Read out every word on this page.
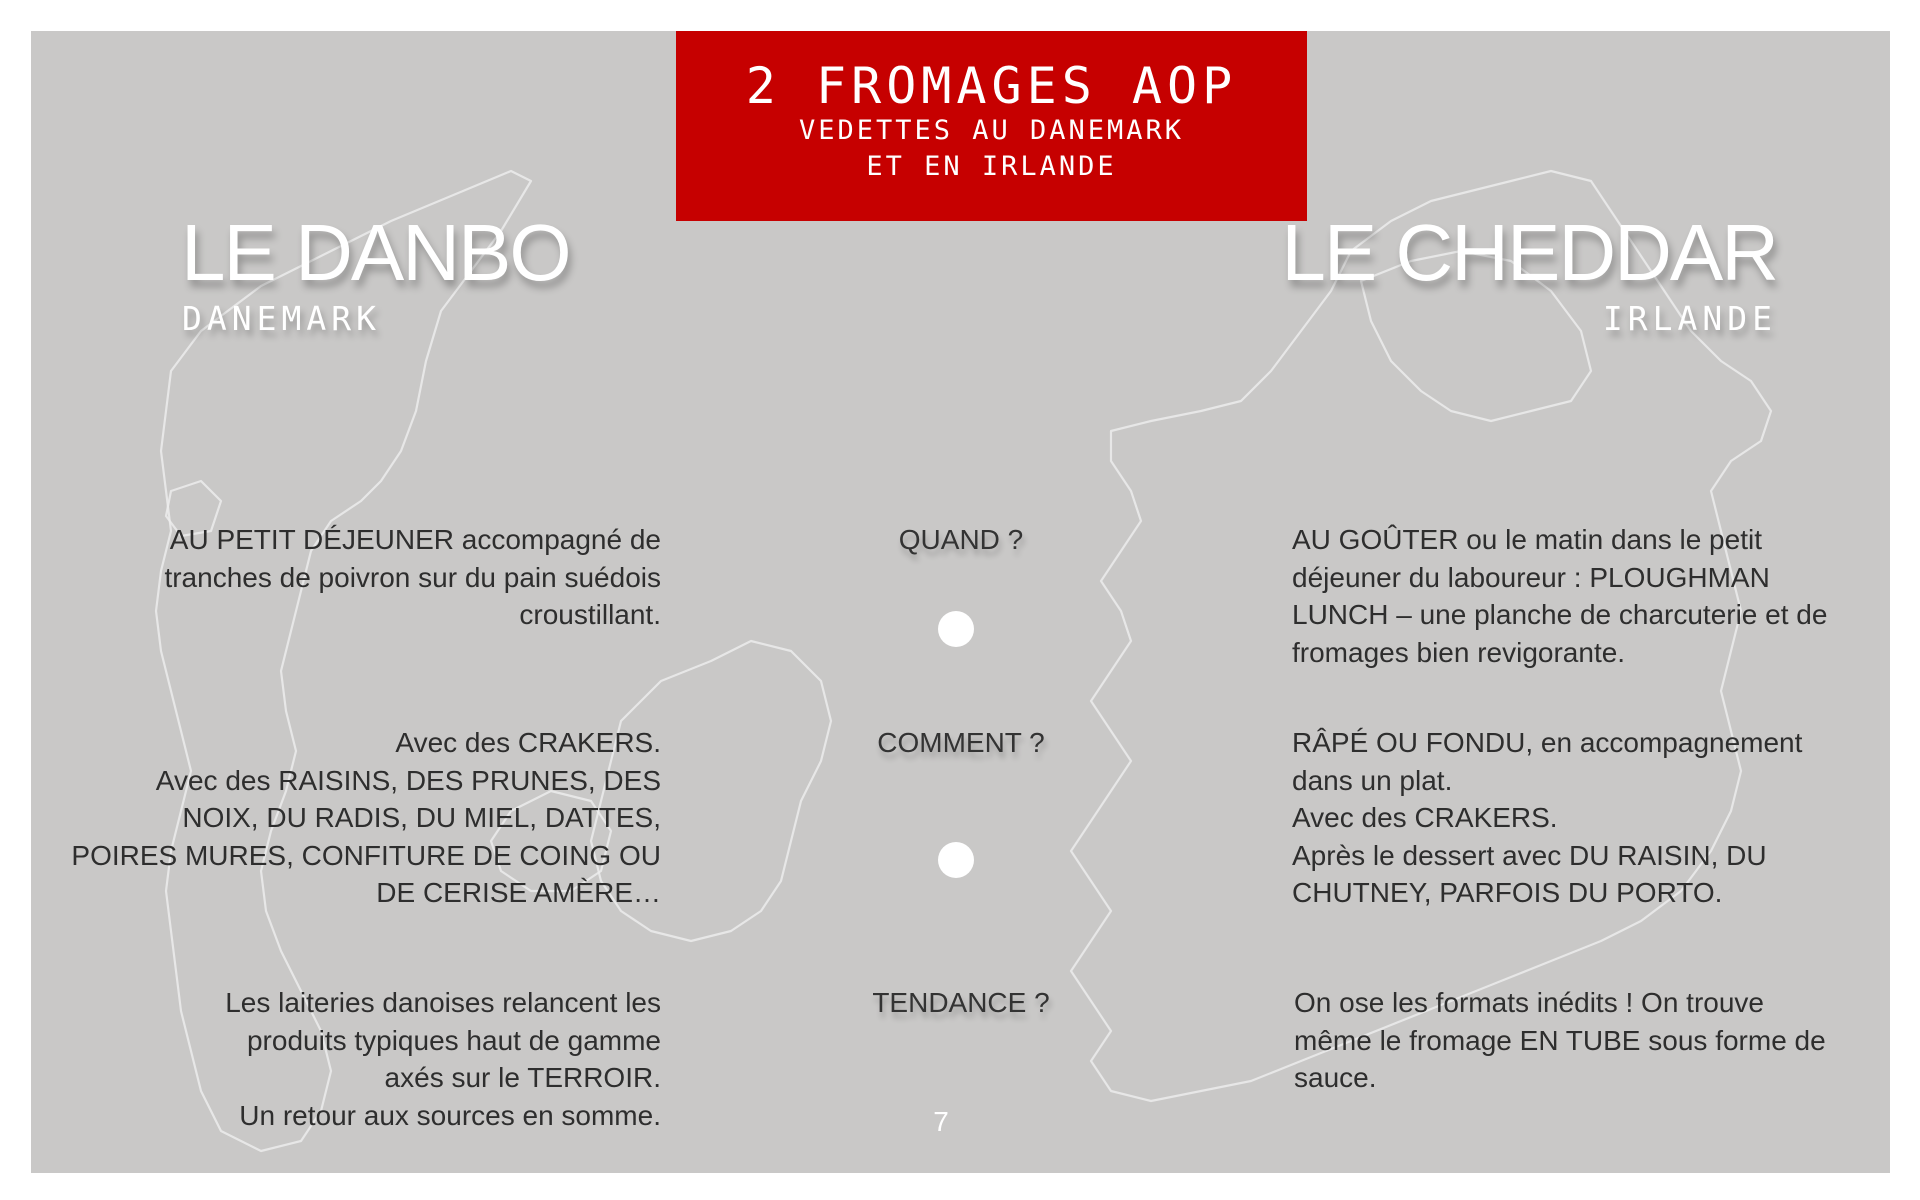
2 FROMAGES AOP
VEDETTES AU DANEMARK
ET EN IRLANDE
LE DANBO
DANEMARK
LE CHEDDAR
IRLANDE
AU PETIT DÉJEUNER accompagné de
tranches de poivron sur du pain suédois
croustillant.
Avec des CRAKERS.
Avec des RAISINS, DES PRUNES, DES
NOIX, DU RADIS, DU MIEL, DATTES,
POIRES MURES, CONFITURE DE COING OU
DE CERISE AMÈRE…
Les laiteries danoises relancent les
produits typiques haut de gamme
axés sur le TERROIR.
Un retour aux sources en somme.
QUAND ?
COMMENT ?
TENDANCE ?
AU GOÛTER ou le matin dans le petit
déjeuner du laboureur : PLOUGHMAN
LUNCH – une planche de charcuterie et de
fromages bien revigorante.
RÂPÉ OU FONDU, en accompagnement
dans un plat.
Avec des CRAKERS.
Après le dessert avec DU RAISIN, DU
CHUTNEY, PARFOIS DU PORTO.
On ose les formats inédits ! On trouve
même le fromage EN TUBE sous forme de
sauce.
7
